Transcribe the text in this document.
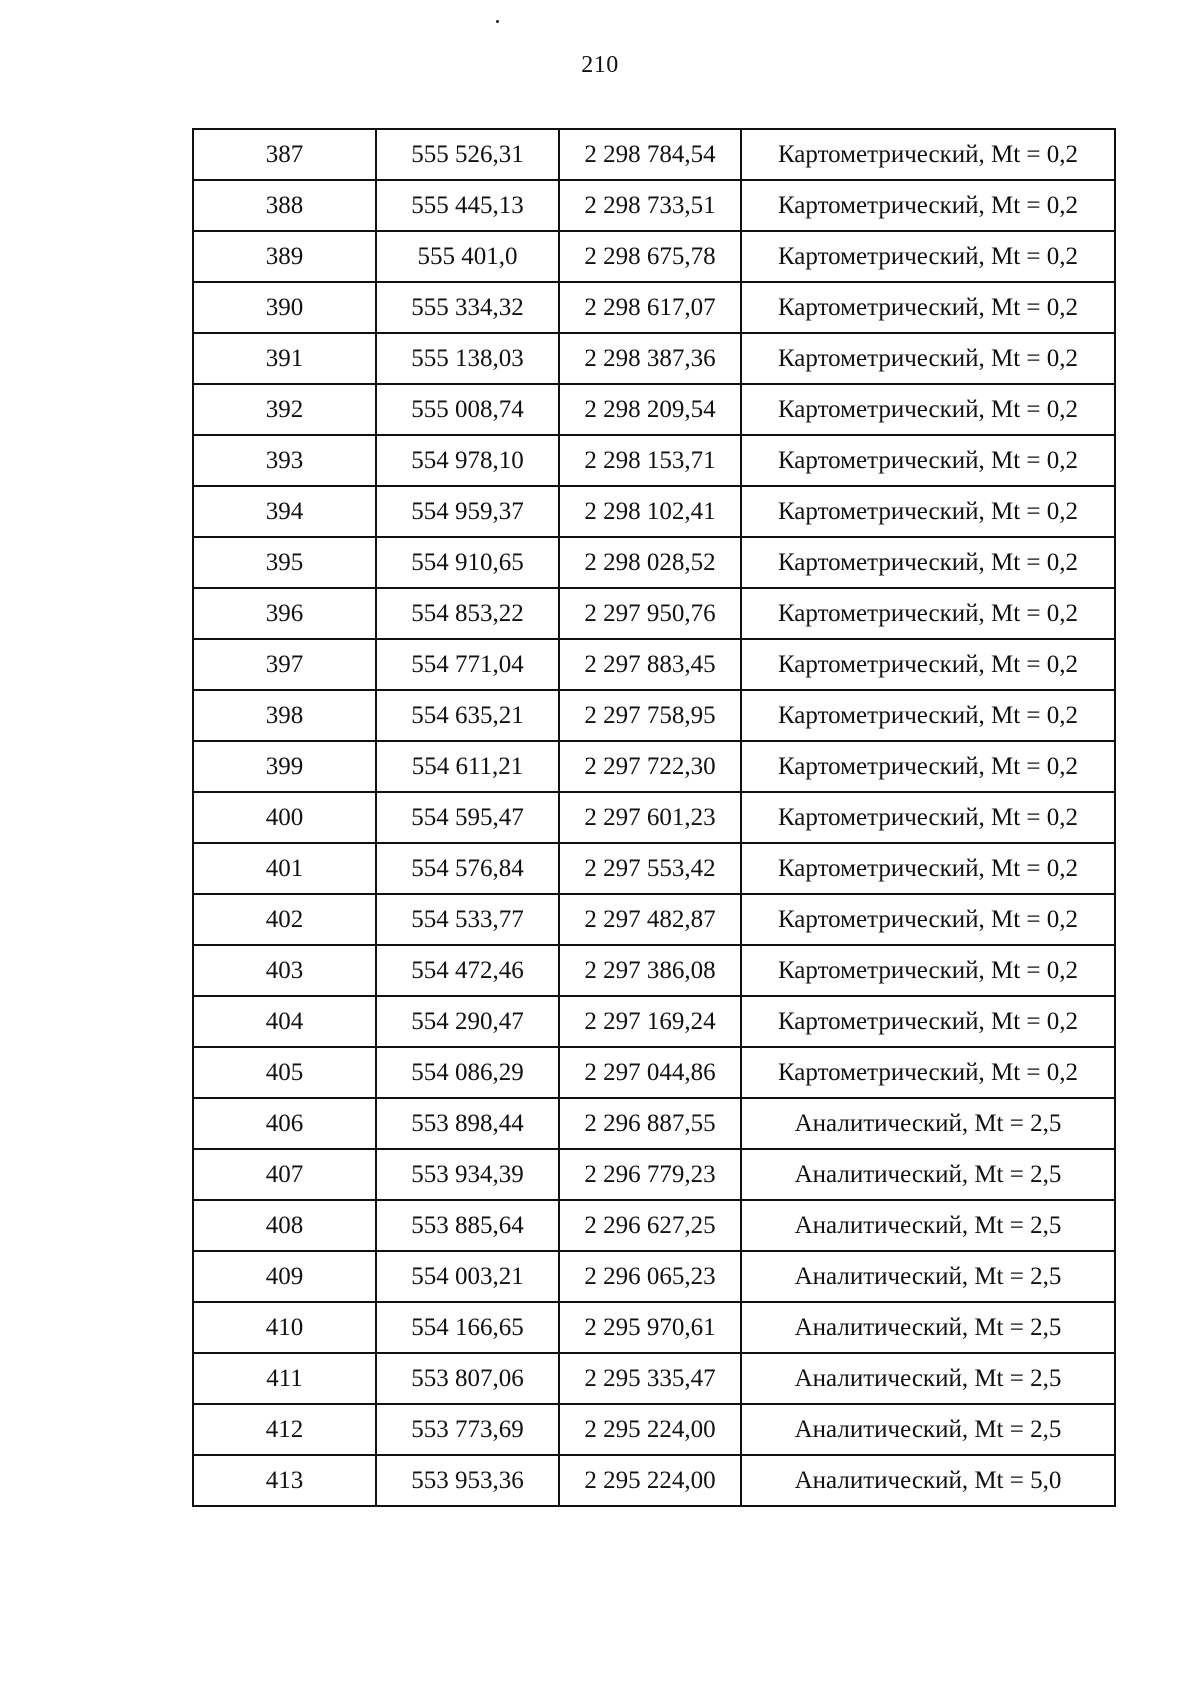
210
387	555 526,31	2 298 784,54	Картометрический, Mt = 0,2
388	555 445,13	2 298 733,51	Картометрический, Mt = 0,2
389	555 401,0	2 298 675,78	Картометрический, Mt = 0,2
390	555 334,32	2 298 617,07	Картометрический, Mt = 0,2
391	555 138,03	2 298 387,36	Картометрический, Mt = 0,2
392	555 008,74	2 298 209,54	Картометрический, Mt = 0,2
393	554 978,10	2 298 153,71	Картометрический, Mt = 0,2
394	554 959,37	2 298 102,41	Картометрический, Mt = 0,2
395	554 910,65	2 298 028,52	Картометрический, Mt = 0,2
396	554 853,22	2 297 950,76	Картометрический, Mt = 0,2
397	554 771,04	2 297 883,45	Картометрический, Mt = 0,2
398	554 635,21	2 297 758,95	Картометрический, Mt = 0,2
399	554 611,21	2 297 722,30	Картометрический, Mt = 0,2
400	554 595,47	2 297 601,23	Картометрический, Mt = 0,2
401	554 576,84	2 297 553,42	Картометрический, Mt = 0,2
402	554 533,77	2 297 482,87	Картометрический, Mt = 0,2
403	554 472,46	2 297 386,08	Картометрический, Mt = 0,2
404	554 290,47	2 297 169,24	Картометрический, Mt = 0,2
405	554 086,29	2 297 044,86	Картометрический, Mt = 0,2
406	553 898,44	2 296 887,55	Аналитический, Mt = 2,5
407	553 934,39	2 296 779,23	Аналитический, Mt = 2,5
408	553 885,64	2 296 627,25	Аналитический, Mt = 2,5
409	554 003,21	2 296 065,23	Аналитический, Mt = 2,5
410	554 166,65	2 295 970,61	Аналитический, Mt = 2,5
411	553 807,06	2 295 335,47	Аналитический, Mt = 2,5
412	553 773,69	2 295 224,00	Аналитический, Mt = 2,5
413	553 953,36	2 295 224,00	Аналитический, Mt = 5,0
